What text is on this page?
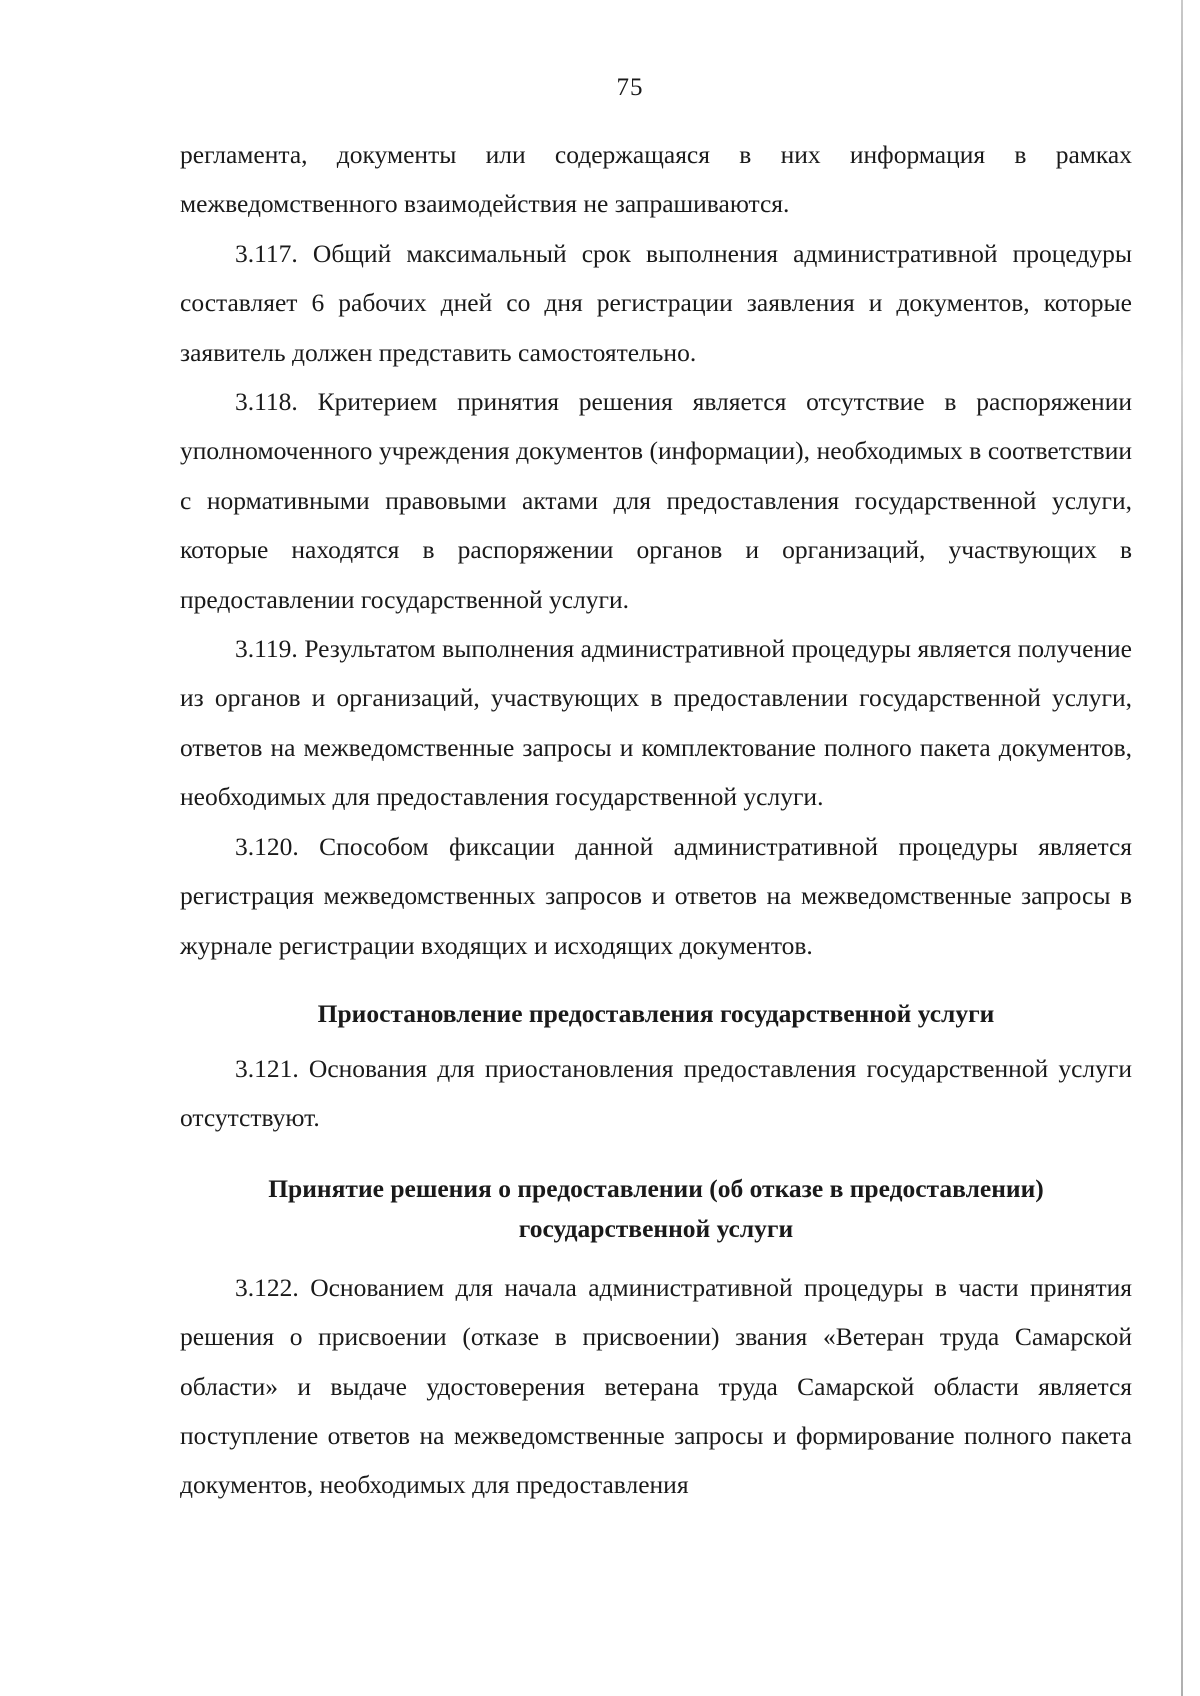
75

регламента, документы или содержащаяся в них информация в рамках межведомственного взаимодействия не запрашиваются.

3.117. Общий максимальный срок выполнения административной процедуры составляет 6 рабочих дней со дня регистрации заявления и документов, которые заявитель должен представить самостоятельно.

3.118. Критерием принятия решения является отсутствие в распоряжении уполномоченного учреждения документов (информации), необходимых в соответствии с нормативными правовыми актами для предоставления государственной услуги, которые находятся в распоряжении органов и организаций, участвующих в предоставлении государственной услуги.

3.119. Результатом выполнения административной процедуры является получение из органов и организаций, участвующих в предоставлении государственной услуги, ответов на межведомственные запросы и комплектование полного пакета документов, необходимых для предоставления государственной услуги.

3.120. Способом фиксации данной административной процедуры является регистрация межведомственных запросов и ответов на межведомственные запросы в журнале регистрации входящих и исходящих документов.

Приостановление предоставления государственной услуги

3.121. Основания для приостановления предоставления государственной услуги отсутствуют.

Принятие решения о предоставлении (об отказе в предоставлении) государственной услуги

3.122. Основанием для начала административной процедуры в части принятия решения о присвоении (отказе в присвоении) звания «Ветеран труда Самарской области» и выдаче удостоверения ветерана труда Самарской области является поступление ответов на межведомственные запросы и формирование полного пакета документов, необходимых для предоставления
